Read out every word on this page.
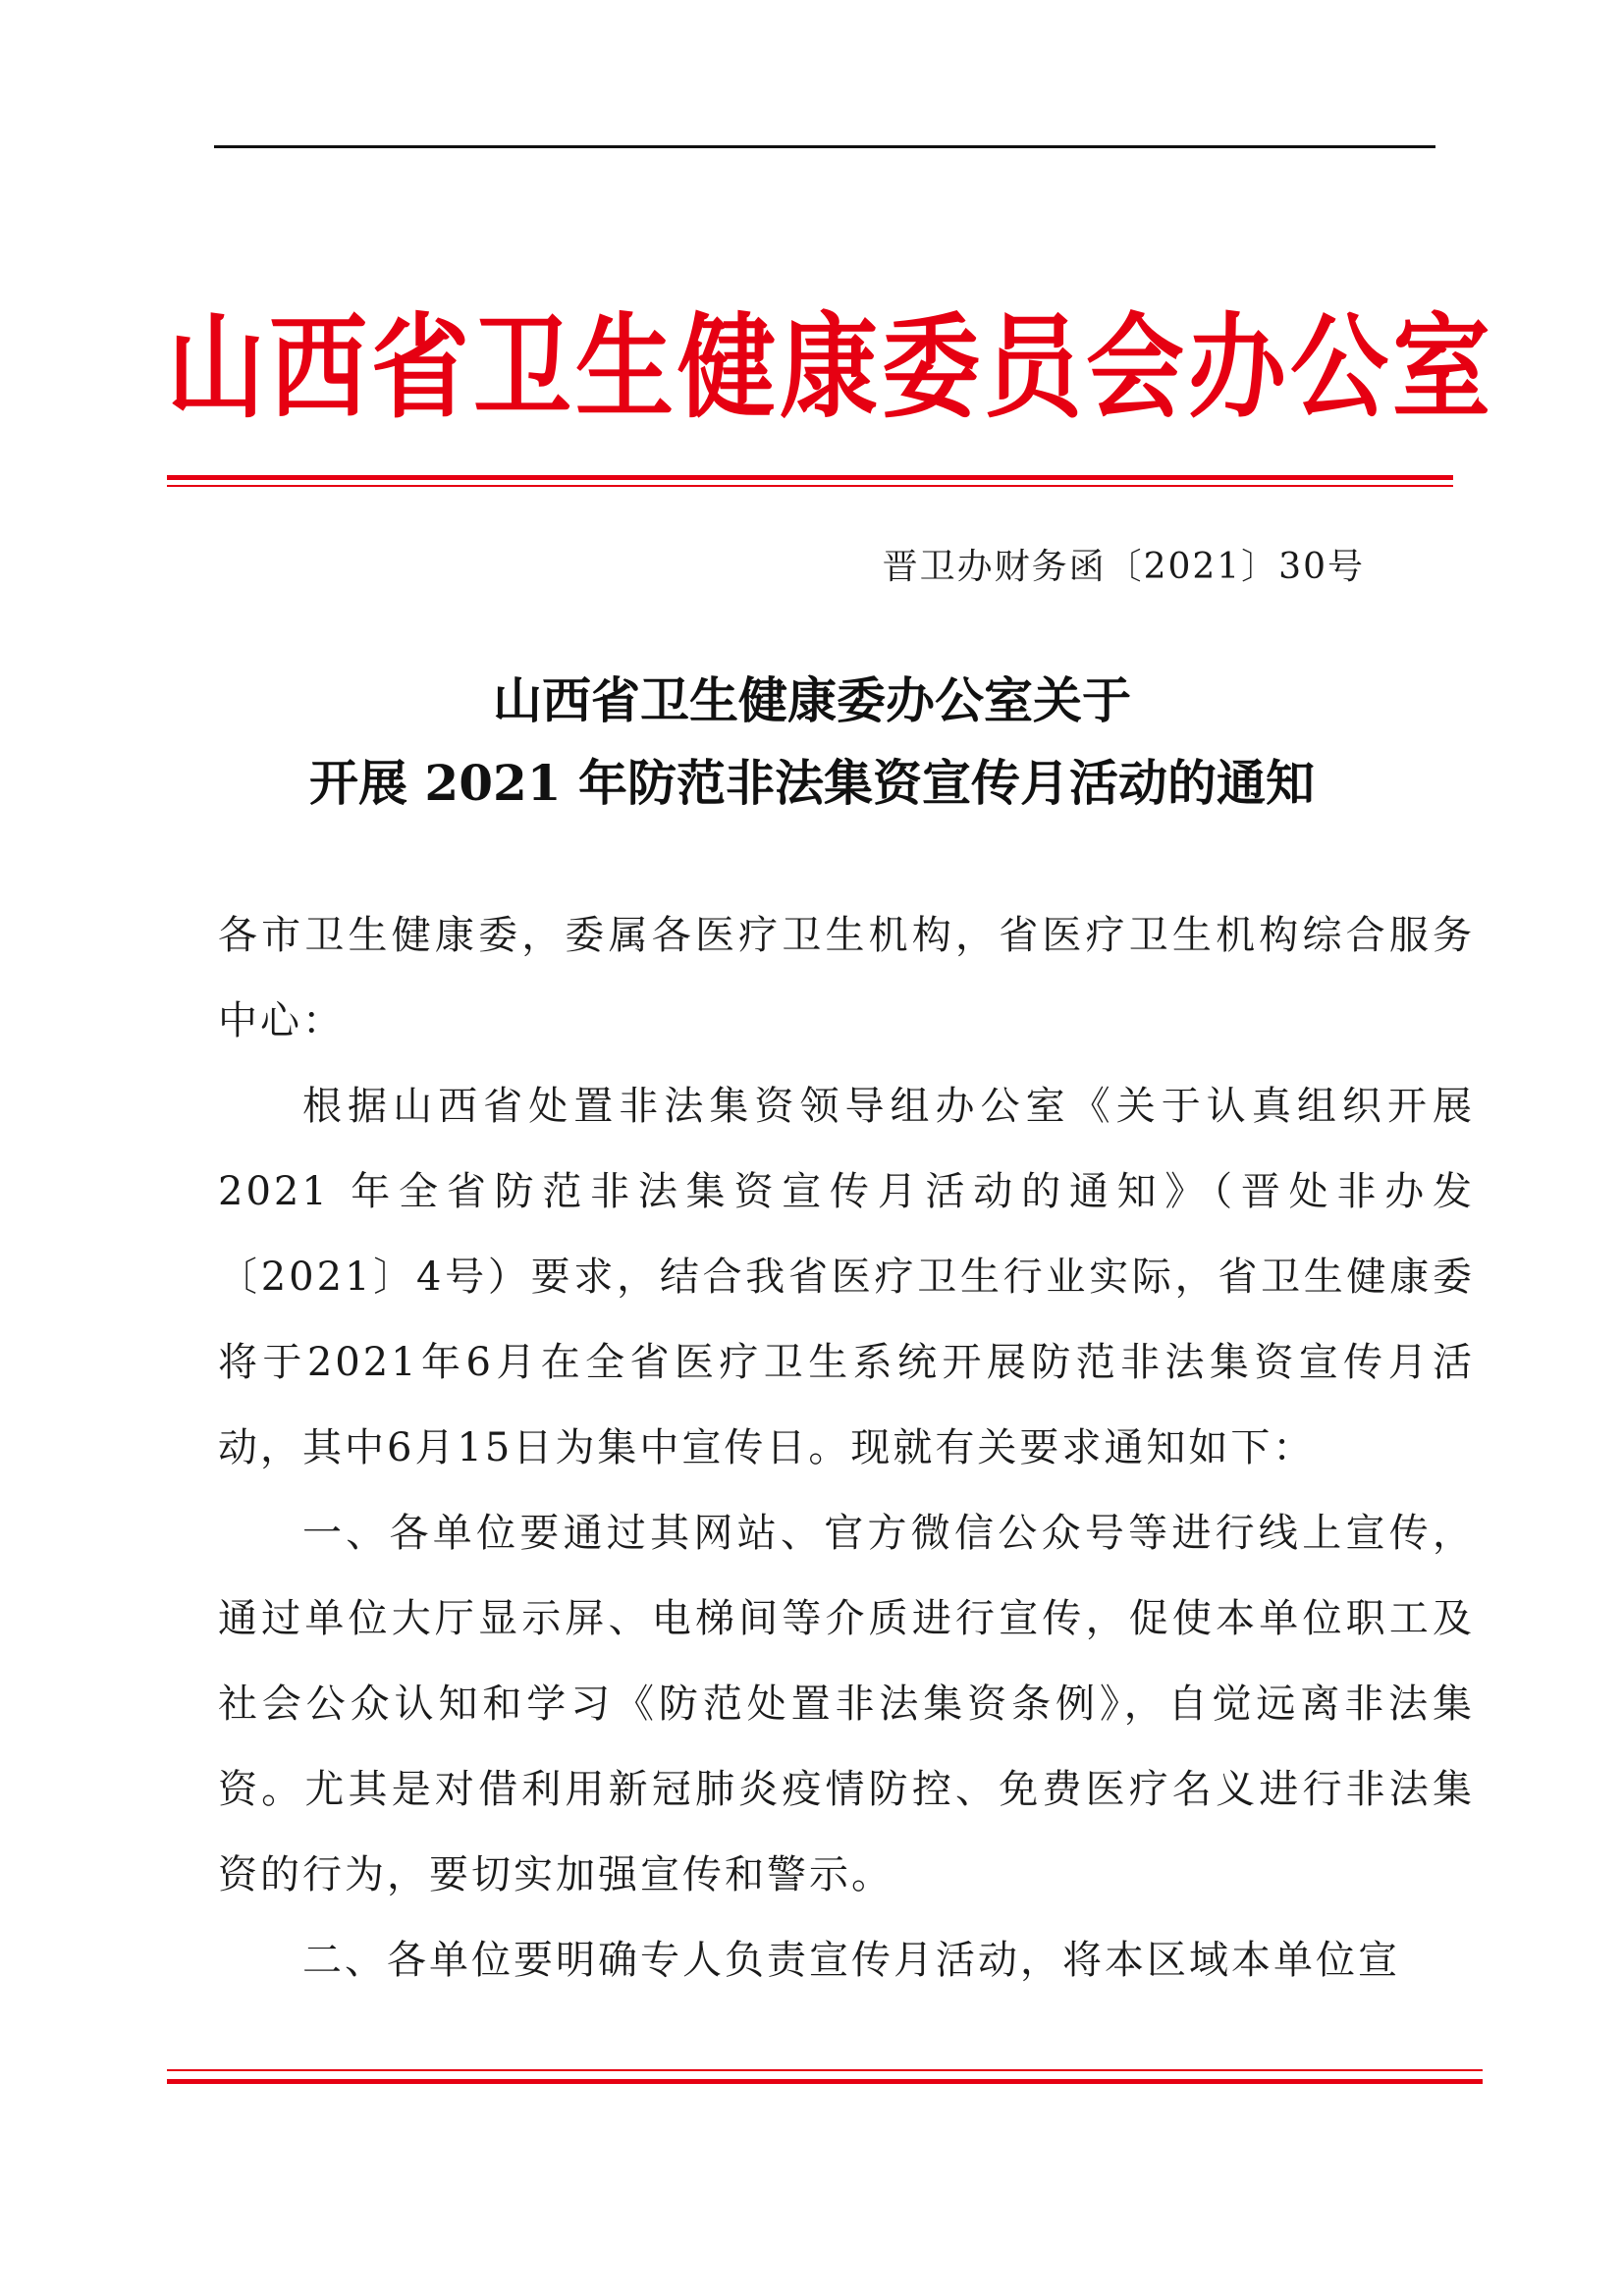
山西省卫生健康委员会办公室
晋卫办财务函〔2021〕30号
山西省卫生健康委办公室关于
开展 2021 年防范非法集资宣传月活动的通知

各市卫生健康委，委属各医疗卫生机构，省医疗卫生机构综合服务中心：

根据山西省处置非法集资领导组办公室《关于认真组织开展2021 年全省防范非法集资宣传月活动的通知》（晋处非办发〔2021〕4号）要求，结合我省医疗卫生行业实际，省卫生健康委将于2021年6月在全省医疗卫生系统开展防范非法集资宣传月活动，其中6月15日为集中宣传日。现就有关要求通知如下：

一、各单位要通过其网站、官方微信公众号等进行线上宣传，通过单位大厅显示屏、电梯间等介质进行宣传，促使本单位职工及社会公众认知和学习《防范处置非法集资条例》，自觉远离非法集资。尤其是对借利用新冠肺炎疫情防控、免费医疗名义进行非法集资的行为，要切实加强宣传和警示。

二、各单位要明确专人负责宣传月活动，将本区域本单位宣
